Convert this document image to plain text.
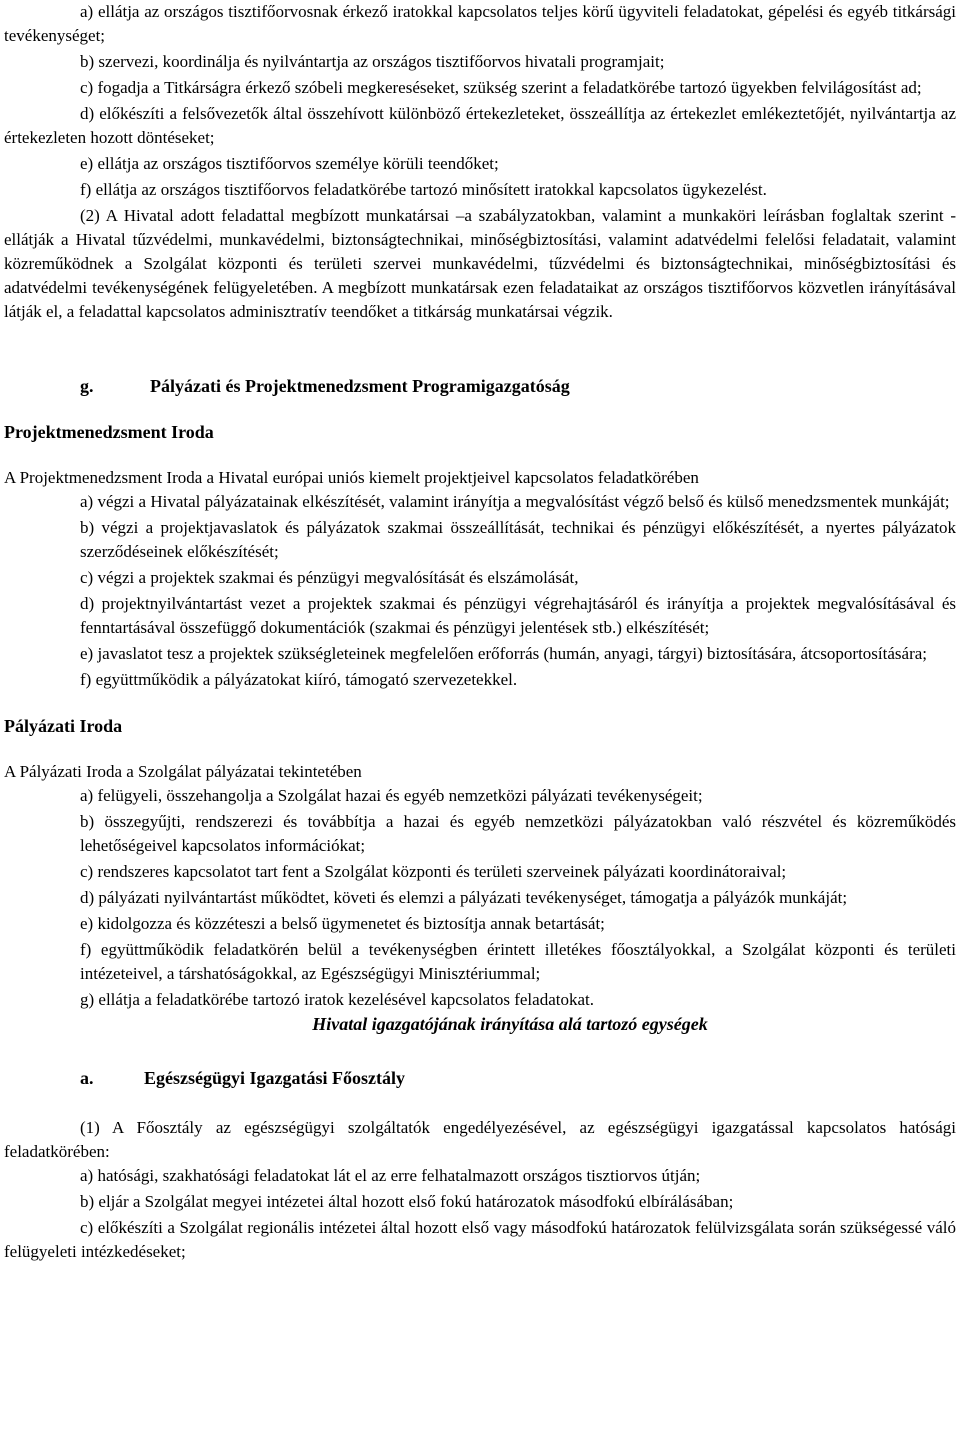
a) ellátja az országos tisztifőorvosnak érkező iratokkal kapcsolatos teljes körű ügyviteli feladatokat, gépelési és egyéb titkársági tevékenységet;

b) szervezi, koordinálja és nyilvántartja az országos tisztifőorvos hivatali programjait;

c) fogadja a Titkárságra érkező szóbeli megkereséseket, szükség szerint a feladatkörébe tartozó ügyekben felvilágosítást ad;

d) előkészíti a felsővezetők által összehívott különböző értekezleteket, összeállítja az értekezlet emlékeztetőjét, nyilvántartja az értekezleten hozott döntéseket;

e) ellátja az országos tisztifőorvos személye körüli teendőket;

f) ellátja az országos tisztifőorvos feladatkörébe tartozó minősített iratokkal kapcsolatos ügykezelést.

(2) A Hivatal adott feladattal megbízott munkatársai –a szabályzatokban, valamint a munkaköri leírásban foglaltak szerint - ellátják a Hivatal tűzvédelmi, munkavédelmi, biztonságtechnikai, minőségbiztosítási, valamint adatvédelmi felelősi feladatait, valamint közreműködnek a Szolgálat központi és területi szervei munkavédelmi, tűzvédelmi és biztonságtechnikai, minőségbiztosítási és adatvédelmi tevékenységének felügyeletében. A megbízott munkatársak ezen feladataikat az országos tisztifőorvos közvetlen irányításával látják el, a feladattal kapcsolatos adminisztratív teendőket a titkárság munkatársai végzik.

g.	Pályázati és Projektmenedzsment Programigazgatóság
Projektmenedzsment Iroda

A Projektmenedzsment Iroda a Hivatal európai uniós kiemelt projektjeivel kapcsolatos feladatkörében

a) végzi a Hivatal pályázatainak elkészítését, valamint irányítja a megvalósítást végző belső és külső menedzsmentek munkáját;

b) végzi a projektjavaslatok és pályázatok szakmai összeállítását, technikai és pénzügyi előkészítését, a nyertes pályázatok szerződéseinek előkészítését;

c) végzi a projektek szakmai és pénzügyi megvalósítását és elszámolását,

d) projektnyilvántartást vezet a projektek szakmai és pénzügyi végrehajtásáról és irányítja a projektek megvalósításával és fenntartásával összefüggő dokumentációk (szakmai és pénzügyi jelentések stb.) elkészítését;

e) javaslatot tesz a projektek szükségleteinek megfelelően erőforrás (humán, anyagi, tárgyi) biztosítására, átcsoportosítására;

f) együttműködik a pályázatokat kiíró, támogató szervezetekkel.

Pályázati Iroda

A Pályázati Iroda a Szolgálat pályázatai tekintetében

a) felügyeli, összehangolja a Szolgálat hazai és egyéb nemzetközi pályázati tevékenységeit;

b) összegyűjti, rendszerezi és továbbítja a hazai és egyéb nemzetközi pályázatokban való részvétel és közreműködés lehetőségeivel kapcsolatos információkat;

c) rendszeres kapcsolatot tart fent a Szolgálat központi és területi szerveinek pályázati koordinátoraival;

d) pályázati nyilvántartást működtet, követi és elemzi a pályázati tevékenységet, támogatja a pályázók munkáját;

e) kidolgozza és közzéteszi a belső ügymenetet és biztosítja annak betartását;

f) együttműködik feladatkörén belül a tevékenységben érintett illetékes főosztályokkal, a Szolgálat központi és területi intézeteivel, a társhatóságokkal, az Egészségügyi Minisztériummal;

g) ellátja a feladatkörébe tartozó iratok kezelésével kapcsolatos feladatokat.

Hivatal igazgatójának irányítása alá tartozó egységek
a.	Egészségügyi Igazgatási Főosztály

(1) A Főosztály az egészségügyi szolgáltatók engedélyezésével, az egészségügyi igazgatással kapcsolatos hatósági feladatkörében:

a) hatósági, szakhatósági feladatokat lát el az erre felhatalmazott országos tisztiorvos útján;

b) eljár a Szolgálat megyei intézetei által hozott első fokú határozatok másodfokú elbírálásában;

c) előkészíti a Szolgálat regionális intézetei által hozott első vagy másodfokú határozatok felülvizsgálata során szükségessé váló felügyeleti intézkedéseket;
